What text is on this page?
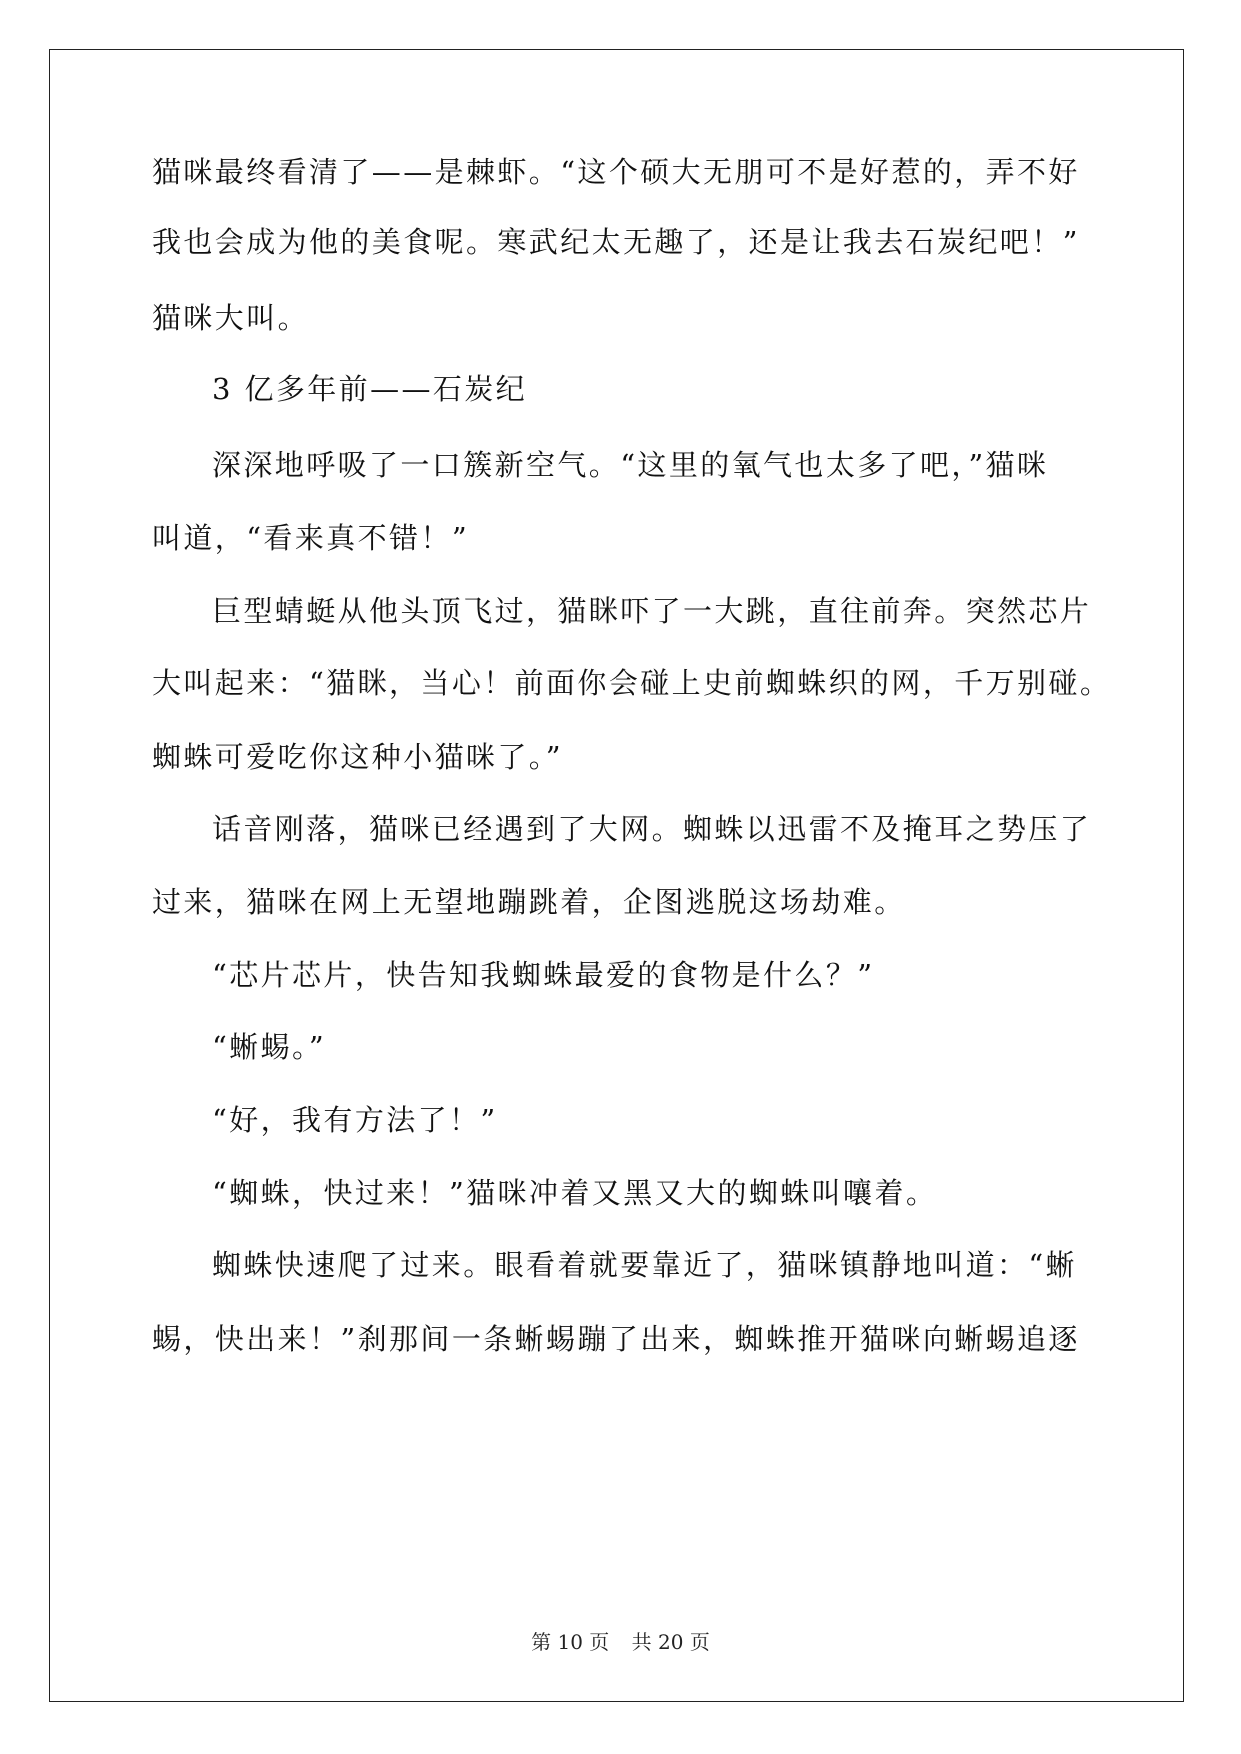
猫咪最终看清了——是棘虾。“这个硕大无朋可不是好惹的，弄不好
我也会成为他的美食呢。寒武纪太无趣了，还是让我去石炭纪吧！”
猫咪大叫。
3 亿多年前——石炭纪
深深地呼吸了一口簇新空气。“这里的氧气也太多了吧，”猫咪
叫道，“看来真不错！”
巨型蜻蜓从他头顶飞过，猫眯吓了一大跳，直往前奔。突然芯片
大叫起来：“猫眯，当心！前面你会碰上史前蜘蛛织的网，千万别碰。
蜘蛛可爱吃你这种小猫咪了。”
话音刚落，猫咪已经遇到了大网。蜘蛛以迅雷不及掩耳之势压了
过来，猫咪在网上无望地蹦跳着，企图逃脱这场劫难。
“芯片芯片，快告知我蜘蛛最爱的食物是什么？”
“蜥蜴。”
“好，我有方法了！”
“蜘蛛，快过来！”猫咪冲着又黑又大的蜘蛛叫嚷着。
蜘蛛快速爬了过来。眼看着就要靠近了，猫咪镇静地叫道：“蜥
蜴，快出来！”刹那间一条蜥蜴蹦了出来，蜘蛛推开猫咪向蜥蜴追逐
第 10 页 共 20 页
